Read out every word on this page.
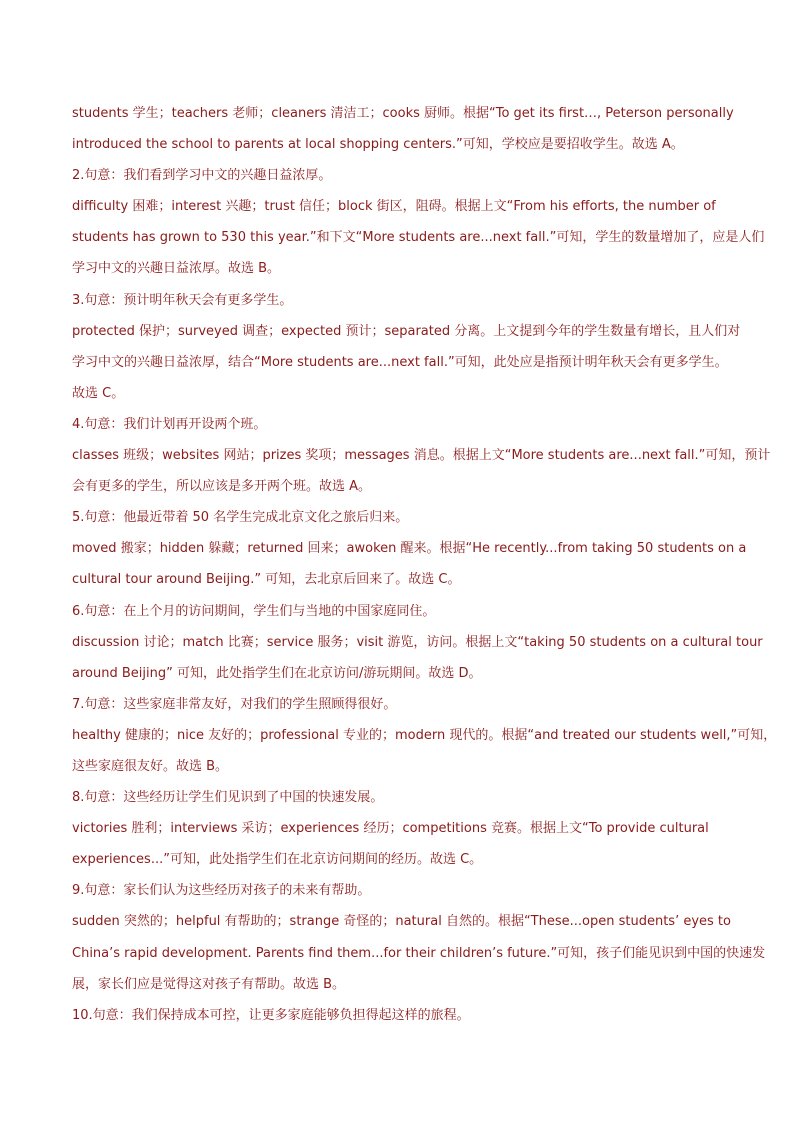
students 学生；teachers 老师；cleaners 清洁工；cooks 厨师。根据“To get its first…, Peterson personally
introduced the school to parents at local shopping centers.”可知，学校应是要招收学生。故选 A。
2.句意：我们看到学习中文的兴趣日益浓厚。
difficulty 困难；interest 兴趣；trust 信任；block 街区，阻碍。根据上文“From his efforts, the number of
students has grown to 530 this year.”和下文“More students are...next fall.”可知，学生的数量增加了，应是人们
学习中文的兴趣日益浓厚。故选 B。
3.句意：预计明年秋天会有更多学生。
protected 保护；surveyed 调查；expected 预计；separated 分离。上文提到今年的学生数量有增长，且人们对
学习中文的兴趣日益浓厚，结合“More students are...next fall.”可知，此处应是指预计明年秋天会有更多学生。
故选 C。
4.句意：我们计划再开设两个班。
classes 班级；websites 网站；prizes 奖项；messages 消息。根据上文“More students are...next fall.”可知，预计
会有更多的学生，所以应该是多开两个班。故选 A。
5.句意：他最近带着 50 名学生完成北京文化之旅后归来。
moved 搬家；hidden 躲藏；returned 回来；awoken 醒来。根据“He recently...from taking 50 students on a
cultural tour around Beijing.” 可知，去北京后回来了。故选 C。
6.句意：在上个月的访问期间，学生们与当地的中国家庭同住。
discussion 讨论；match 比赛；service 服务；visit 游览，访问。根据上文“taking 50 students on a cultural tour
around Beijing” 可知，此处指学生们在北京访问/游玩期间。故选 D。
7.句意：这些家庭非常友好，对我们的学生照顾得很好。
healthy 健康的；nice 友好的；professional 专业的；modern 现代的。根据“and treated our students well,”可知，
这些家庭很友好。故选 B。
8.句意：这些经历让学生们见识到了中国的快速发展。
victories 胜利；interviews 采访；experiences 经历；competitions 竞赛。根据上文“To provide cultural
experiences...”可知，此处指学生们在北京访问期间的经历。故选 C。
9.句意：家长们认为这些经历对孩子的未来有帮助。
sudden 突然的；helpful 有帮助的；strange 奇怪的；natural 自然的。根据“These...open students’ eyes to
China’s rapid development. Parents find them...for their children’s future.”可知，孩子们能见识到中国的快速发
展，家长们应是觉得这对孩子有帮助。故选 B。
10.句意：我们保持成本可控，让更多家庭能够负担得起这样的旅程。
